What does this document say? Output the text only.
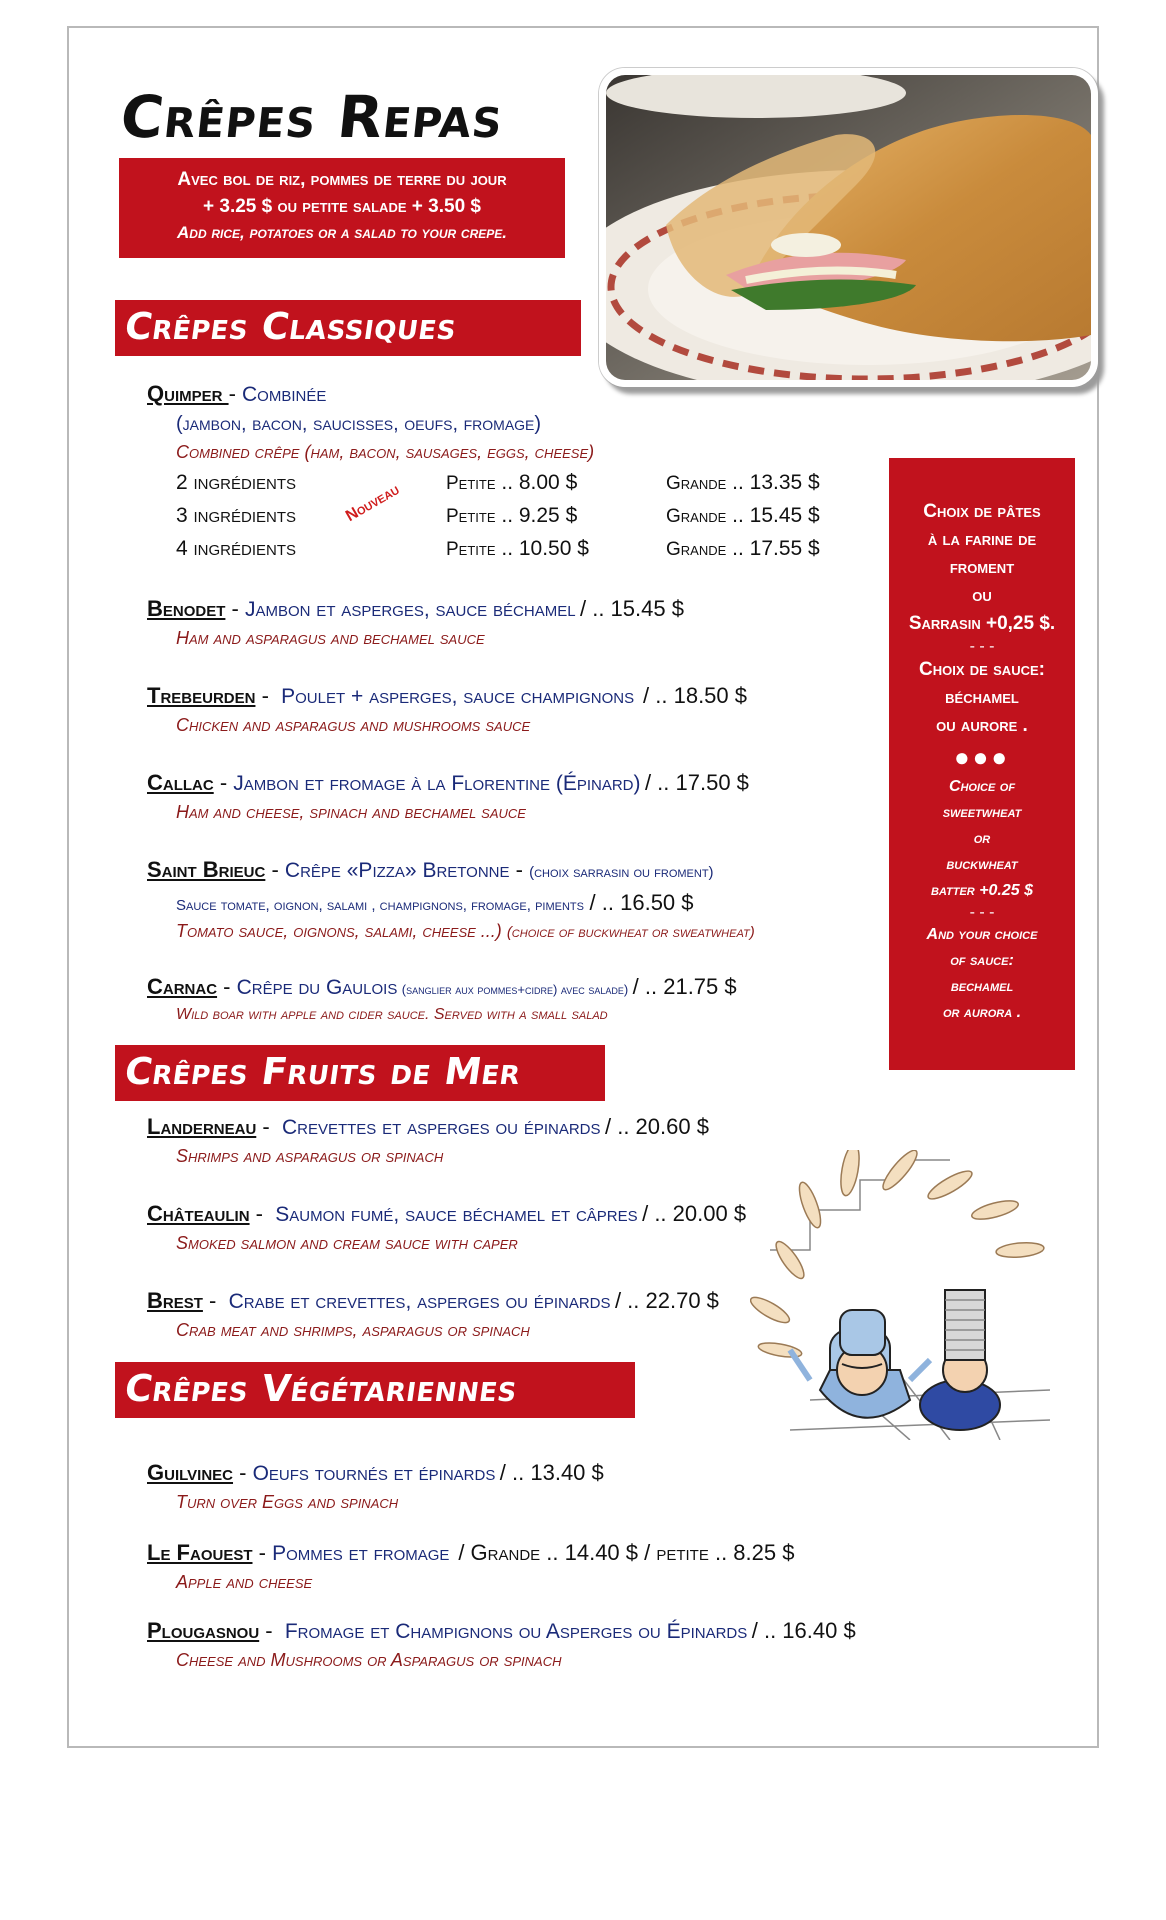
Crêpes Repas
Avec bol de riz, pommes de terre du jour
+ 3.25 $ ou petite salade + 3.50 $
Add rice, potatoes or a salad to your crepe.
Crêpes Classiques
Quimper - Combinée
(jambon, bacon, saucisses, oeufs, fromage)
Combined crêpe (ham, bacon, sausages, eggs, cheese)
Nouveau
2 ingrédients	Petite .. 8.00 $	Grande .. 13.35 $
3 ingrédients	Petite .. 9.25 $	Grande .. 15.45 $
4 ingrédients	Petite .. 10.50 $	Grande .. 17.55 $
Benodet - Jambon et asperges, sauce béchamel / .. 15.45 $
Ham and asparagus and bechamel sauce
Trebeurden -  Poulet + asperges, sauce champignons / .. 18.50 $
Chicken and asparagus and mushrooms sauce
Callac - Jambon et fromage à la Florentine (Épinard) / .. 17.50 $
Ham and cheese, spinach and bechamel sauce
Saint Brieuc - Crêpe «Pizza» Bretonne - (choix sarrasin ou froment)
Sauce tomate, oignon, salami , champignons, fromage, piments / .. 16.50 $
Tomato sauce, oignons, salami, cheese ...) (choice of buckwheat or sweatwheat)
Carnac - Crêpe du Gaulois (sanglier aux pommes+cidre) avec salade) / .. 21.75 $
Wild boar with apple and cider sauce. Served with a small salad
Crêpes Fruits de Mer
Landerneau -  Crevettes et asperges ou épinards / .. 20.60 $
Shrimps and asparagus or spinach
Châteaulin -  Saumon fumé, sauce béchamel et câpres / .. 20.00 $
Smoked salmon and cream sauce with caper
Brest -  Crabe et crevettes, asperges ou épinards / .. 22.70 $
Crab meat and shrimps, asparagus or spinach
Crêpes Végétariennes
Guilvinec - Oeufs tournés et épinards / .. 13.40 $
Turn over Eggs and spinach
Le Faouest - Pommes et fromage / Grande .. 14.40 $ / petite .. 8.25 $
Apple and cheese
Plougasnou -  Fromage et Champignons ou Asperges ou Épinards / .. 16.40 $
Cheese and Mushrooms or Asparagus or spinach
Choix de pâtes
à la farine de
froment
ou
Sarrasin +0,25 $.
- - -
Choix de sauce:
béchamel
ou aurore .
●●●
Choice of
sweetwheat
or
buckwheat
batter +0.25 $
- - -
And your choice
of sauce:
bechamel
or aurora .
